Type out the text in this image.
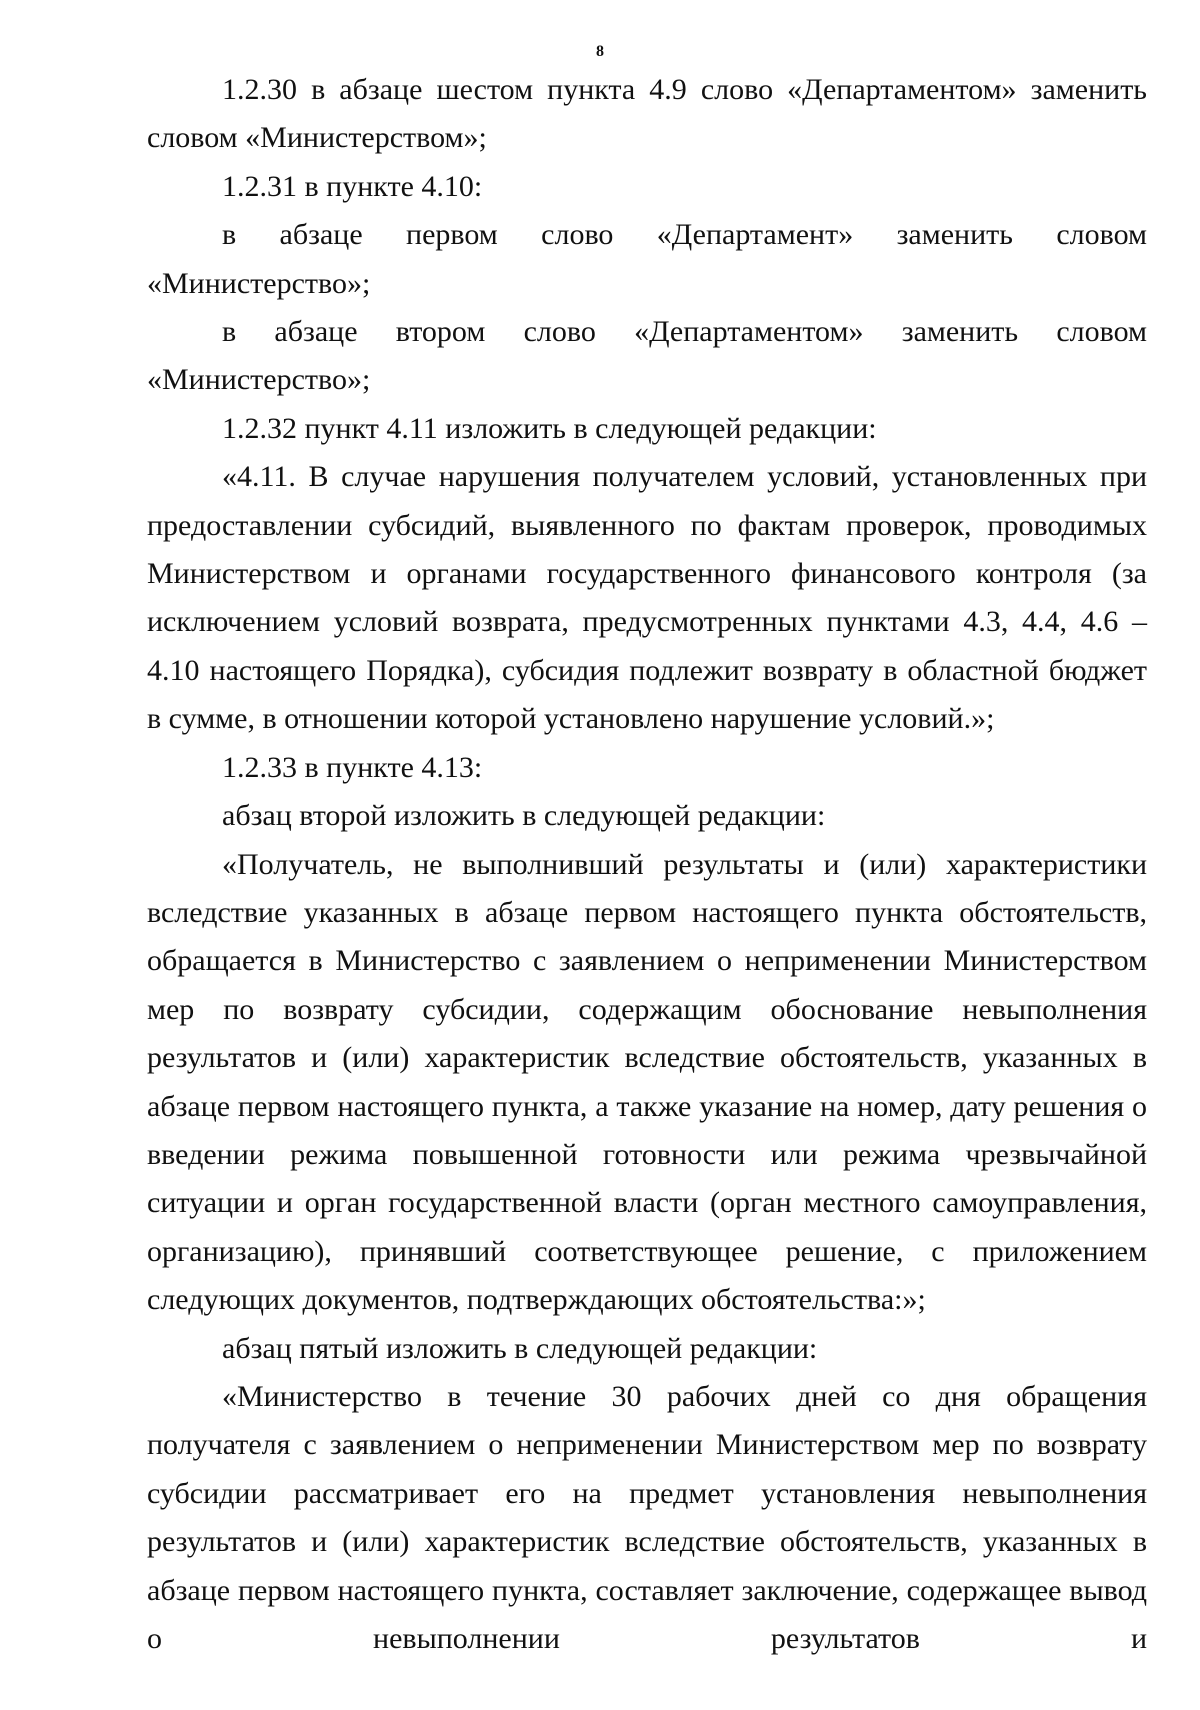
8

1.2.30 в абзаце шестом пункта 4.9 слово «Департаментом» заменить словом «Министерством»;

1.2.31 в пункте 4.10:

в абзаце первом слово «Департамент» заменить словом «Министерство»;

в абзаце втором слово «Департаментом» заменить словом «Министерство»;

1.2.32 пункт 4.11 изложить в следующей редакции:

«4.11. В случае нарушения получателем условий, установленных при предоставлении субсидий, выявленного по фактам проверок, проводимых Министерством и органами государственного финансового контроля (за исключением условий возврата, предусмотренных пунктами 4.3, 4.4, 4.6 – 4.10 настоящего Порядка), субсидия подлежит возврату в областной бюджет в сумме, в отношении которой установлено нарушение условий.»;

1.2.33 в пункте 4.13:

абзац второй изложить в следующей редакции:

«Получатель, не выполнивший результаты и (или) характеристики вследствие указанных в абзаце первом настоящего пункта обстоятельств, обращается в Министерство с заявлением о неприменении Министерством мер по возврату субсидии, содержащим обоснование невыполнения результатов и (или) характеристик вследствие обстоятельств, указанных в абзаце первом настоящего пункта, а также указание на номер, дату решения о введении режима повышенной готовности или режима чрезвычайной ситуации и орган государственной власти (орган местного самоуправления, организацию), принявший соответствующее решение, с приложением следующих документов, подтверждающих обстоятельства:»;

абзац пятый изложить в следующей редакции:

«Министерство в течение 30 рабочих дней со дня обращения получателя с заявлением о неприменении Министерством мер по возврату субсидии рассматривает его на предмет установления невыполнения результатов и (или) характеристик вследствие обстоятельств, указанных в абзаце первом настоящего пункта, составляет заключение, содержащее вывод о невыполнении результатов и
